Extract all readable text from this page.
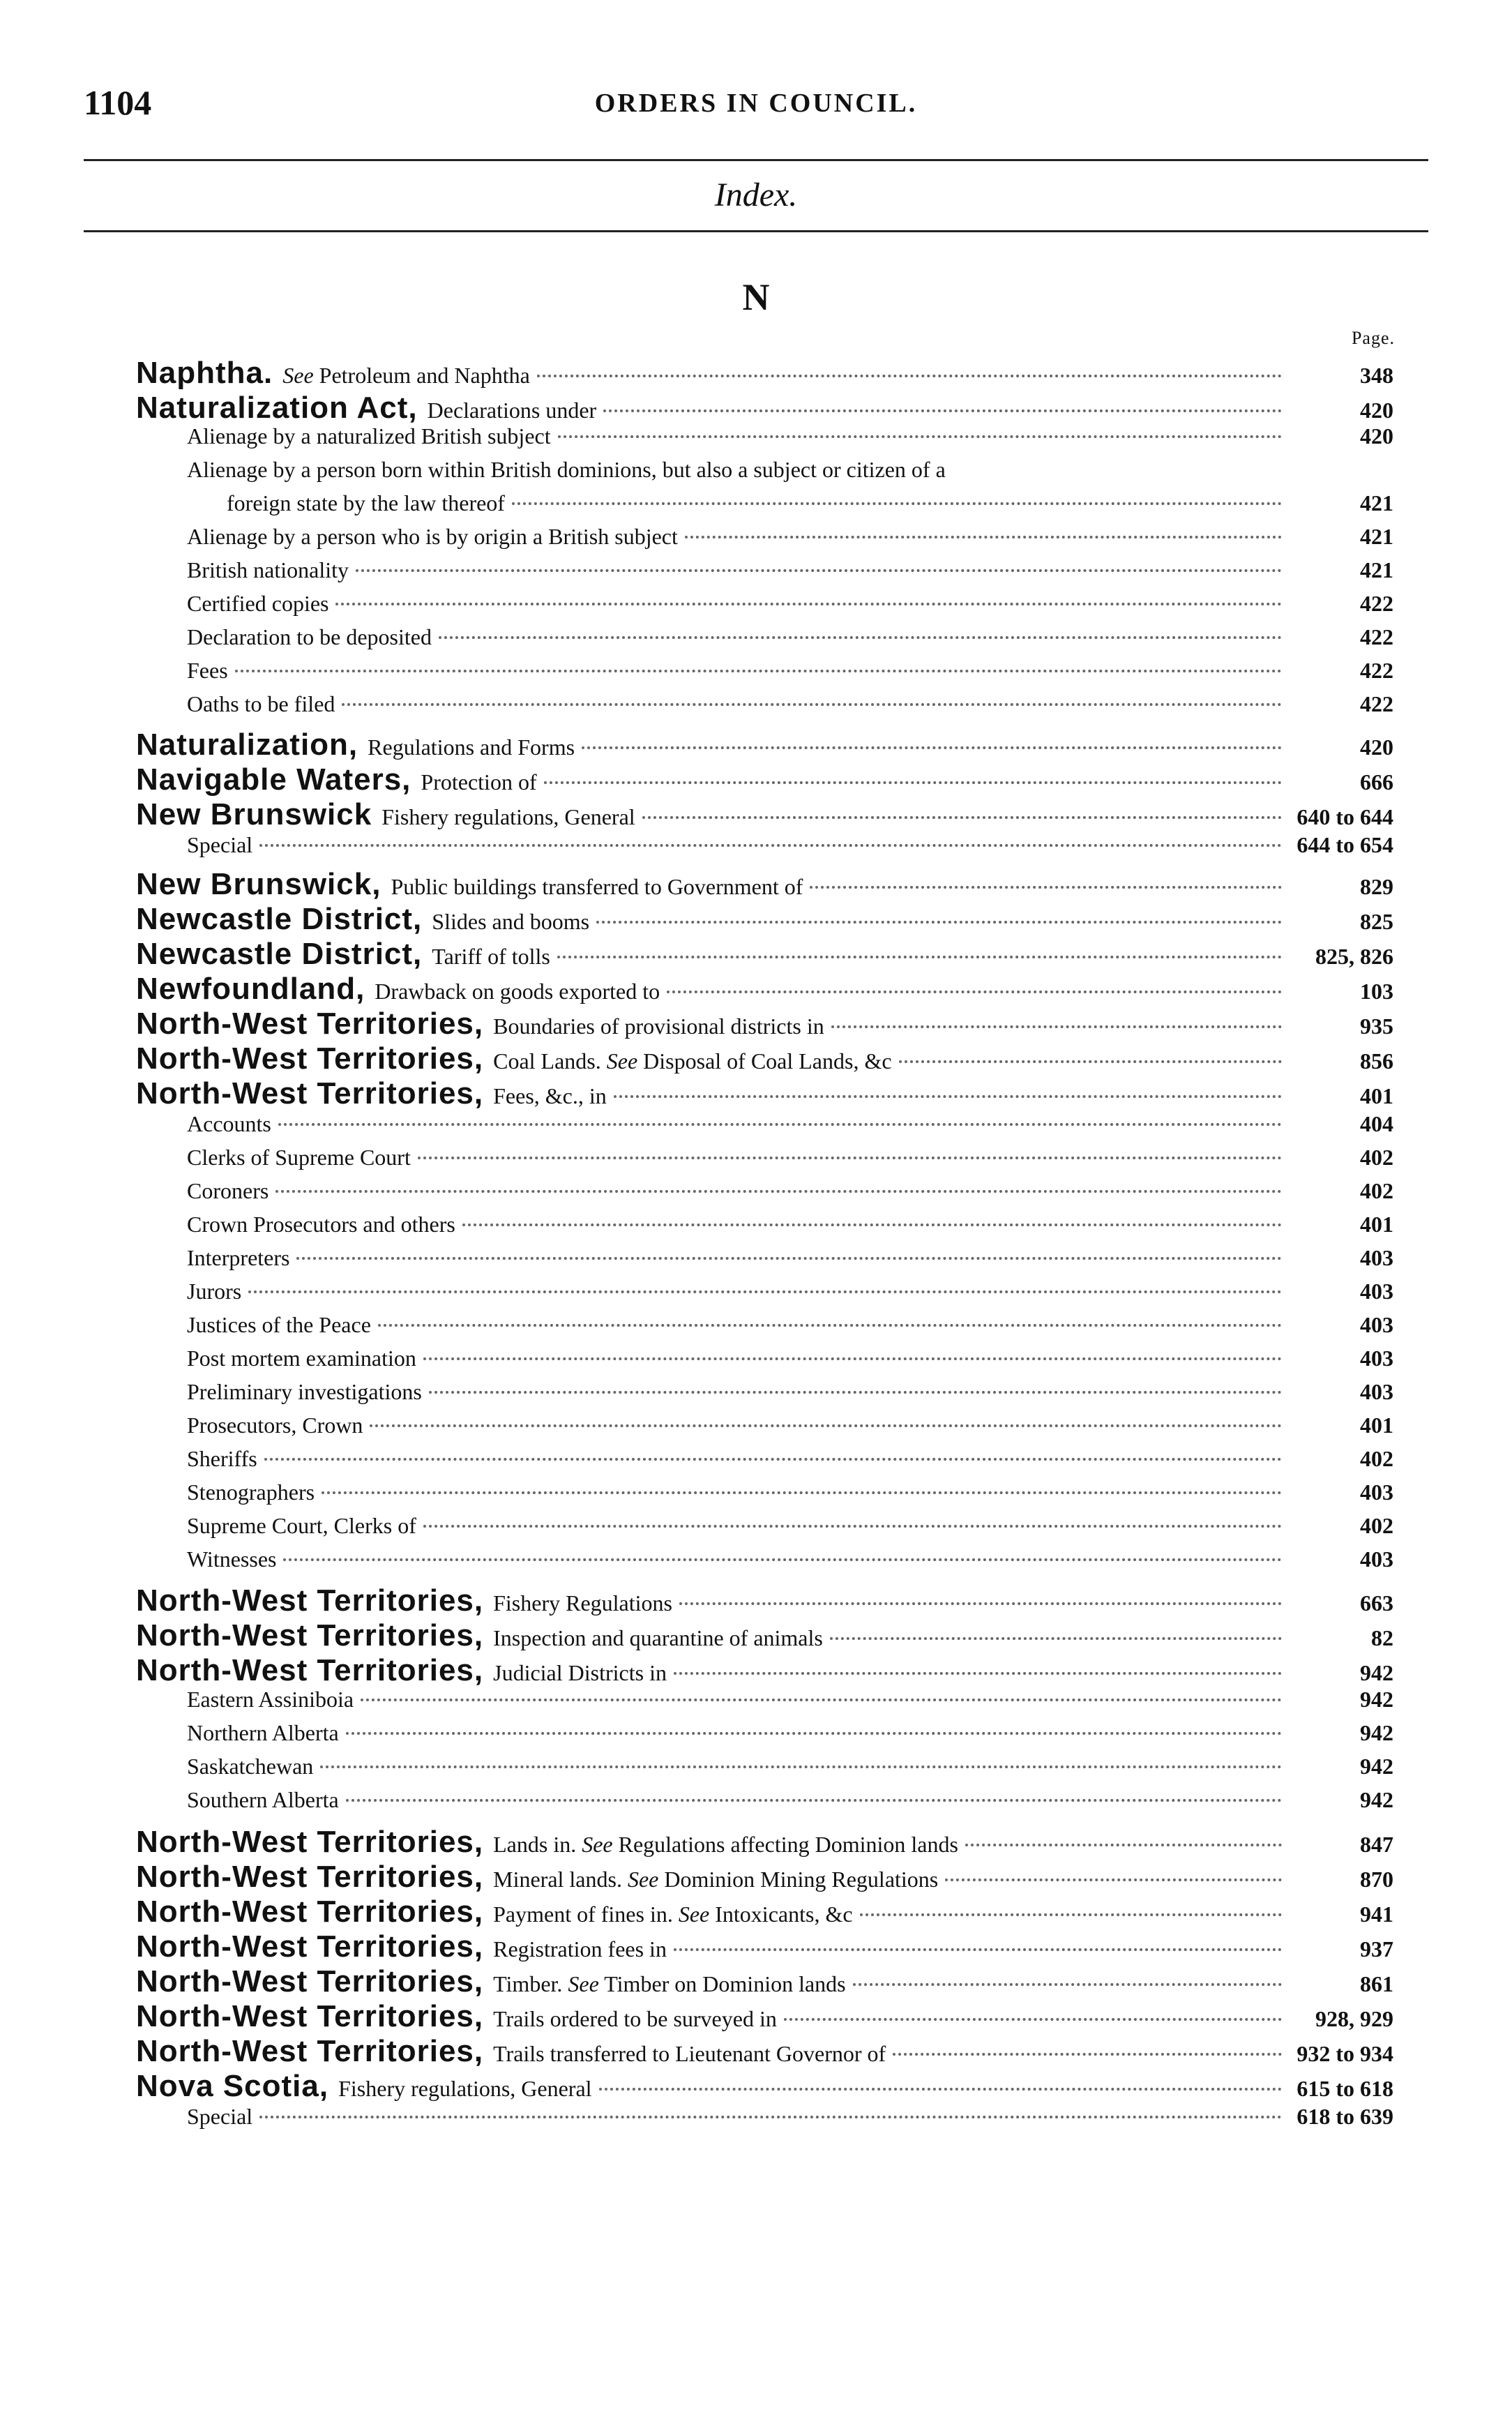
1104	ORDERS IN COUNCIL.
Index.
N
Page.
Naphtha. See Petroleum and Naphtha	348
Naturalization Act, Declarations under	420
Alienage by a naturalized British subject	420
Alienage by a person born within British dominions, but also a subject or citizen of a
foreign state by the law thereof	421
Alienage by a person who is by origin a British subject	421
British nationality	421
Certified copies	422
Declaration to be deposited	422
Fees	422
Oaths to be filed	422
Naturalization, Regulations and Forms	420
Navigable Waters, Protection of	666
New Brunswick Fishery regulations, General	640 to 644
Special	644 to 654
New Brunswick, Public buildings transferred to Government of	829
Newcastle District, Slides and booms	825
Newcastle District, Tariff of tolls	825, 826
Newfoundland, Drawback on goods exported to	103
North-West Territories, Boundaries of provisional districts in	935
North-West Territories, Coal Lands. See Disposal of Coal Lands, &c	856
North-West Territories, Fees, &c., in	401
Accounts	404
Clerks of Supreme Court	402
Coroners	402
Crown Prosecutors and others	401
Interpreters	403
Jurors	403
Justices of the Peace	403
Post mortem examination	403
Preliminary investigations	403
Prosecutors, Crown	401
Sheriffs	402
Stenographers	403
Supreme Court, Clerks of	402
Witnesses	403
North-West Territories, Fishery Regulations	663
North-West Territories, Inspection and quarantine of animals	82
North-West Territories, Judicial Districts in	942
Eastern Assiniboia	942
Northern Alberta	942
Saskatchewan	942
Southern Alberta	942
North-West Territories, Lands in. See Regulations affecting Dominion lands	847
North-West Territories, Mineral lands. See Dominion Mining Regulations	870
North-West Territories, Payment of fines in. See Intoxicants, &c	941
North-West Territories, Registration fees in	937
North-West Territories, Timber. See Timber on Dominion lands	861
North-West Territories, Trails ordered to be surveyed in	928, 929
North-West Territories, Trails transferred to Lieutenant Governor of	932 to 934
Nova Scotia, Fishery regulations, General	615 to 618
Special	618 to 639
